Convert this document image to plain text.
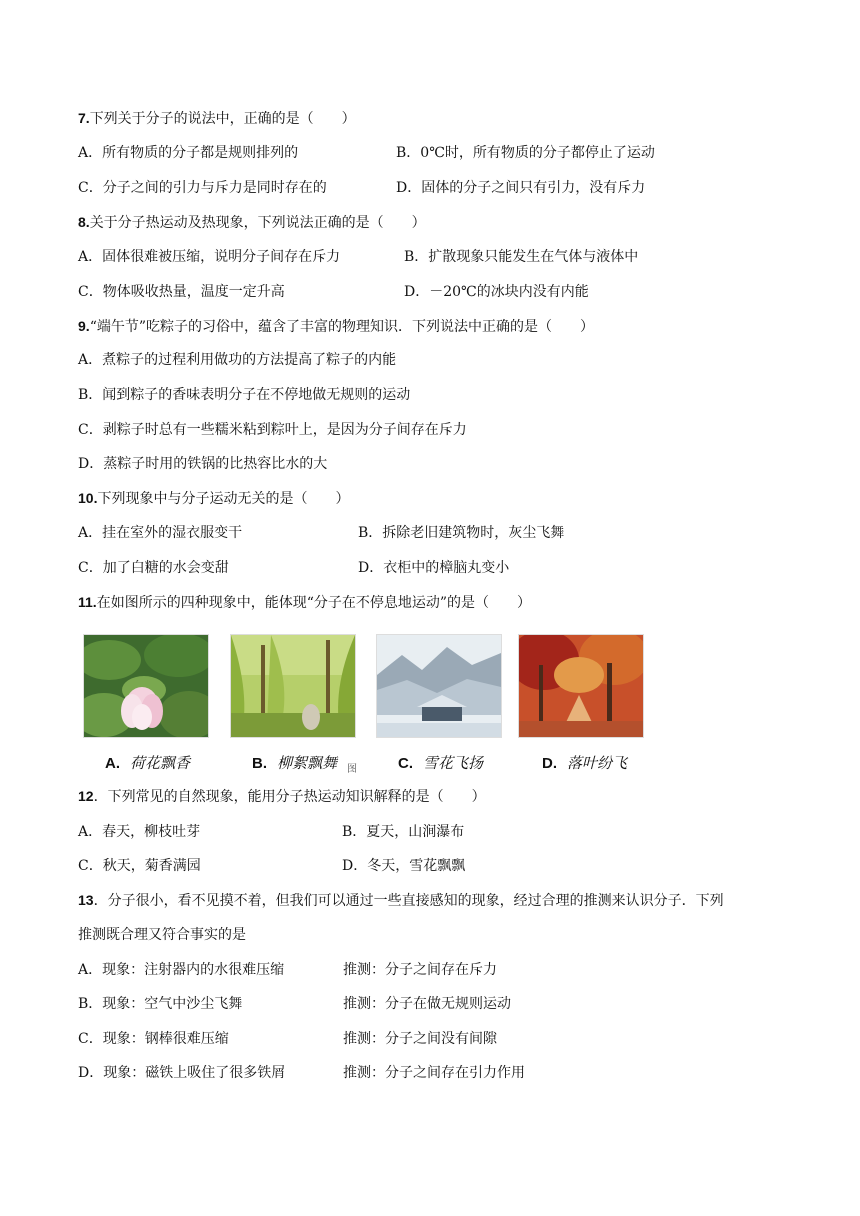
7.下列关于分子的说法中，正确的是（　　）
A．所有物质的分子都是规则排列的	B．0℃时，所有物质的分子都停止了运动
C．分子之间的引力与斥力是同时存在的	D．固体的分子之间只有引力，没有斥力
8.关于分子热运动及热现象，下列说法正确的是（　　）
A．固体很难被压缩，说明分子间存在斥力	B．扩散现象只能发生在气体与液体中
C．物体吸收热量，温度一定升高	D．－20℃的冰块内没有内能
9.“端午节”吃粽子的习俗中，蕴含了丰富的物理知识．下列说法中正确的是（　　）
A．煮粽子的过程利用做功的方法提高了粽子的内能
B．闻到粽子的香味表明分子在不停地做无规则的运动
C．剥粽子时总有一些糯米粘到粽叶上，是因为分子间存在斥力
D．蒸粽子时用的铁锅的比热容比水的大
10.下列现象中与分子运动无关的是（　　）
A．挂在室外的湿衣服变干	B．拆除老旧建筑物时，灰尘飞舞
C．加了白糖的水会变甜	D．衣柜中的樟脑丸变小
11.在如图所示的四种现象中，能体现“分子在不停息地运动”的是（　　）
A. 荷花飘香	B. 柳絮飘舞 图	C. 雪花飞扬	D. 落叶纷飞
12．下列常见的自然现象，能用分子热运动知识解释的是（　　）
A．春天，柳枝吐芽	B．夏天，山涧瀑布
C．秋天，菊香满园	D．冬天，雪花飘飘
13．分子很小，看不见摸不着，但我们可以通过一些直接感知的现象，经过合理的推测来认识分子．下列
推测既合理又符合事实的是
A．现象：注射器内的水很难压缩	推测：分子之间存在斥力
B．现象：空气中沙尘飞舞	推测：分子在做无规则运动
C．现象：钢棒很难压缩	推测：分子之间没有间隙
D．现象：磁铁上吸住了很多铁屑	推测：分子之间存在引力作用
